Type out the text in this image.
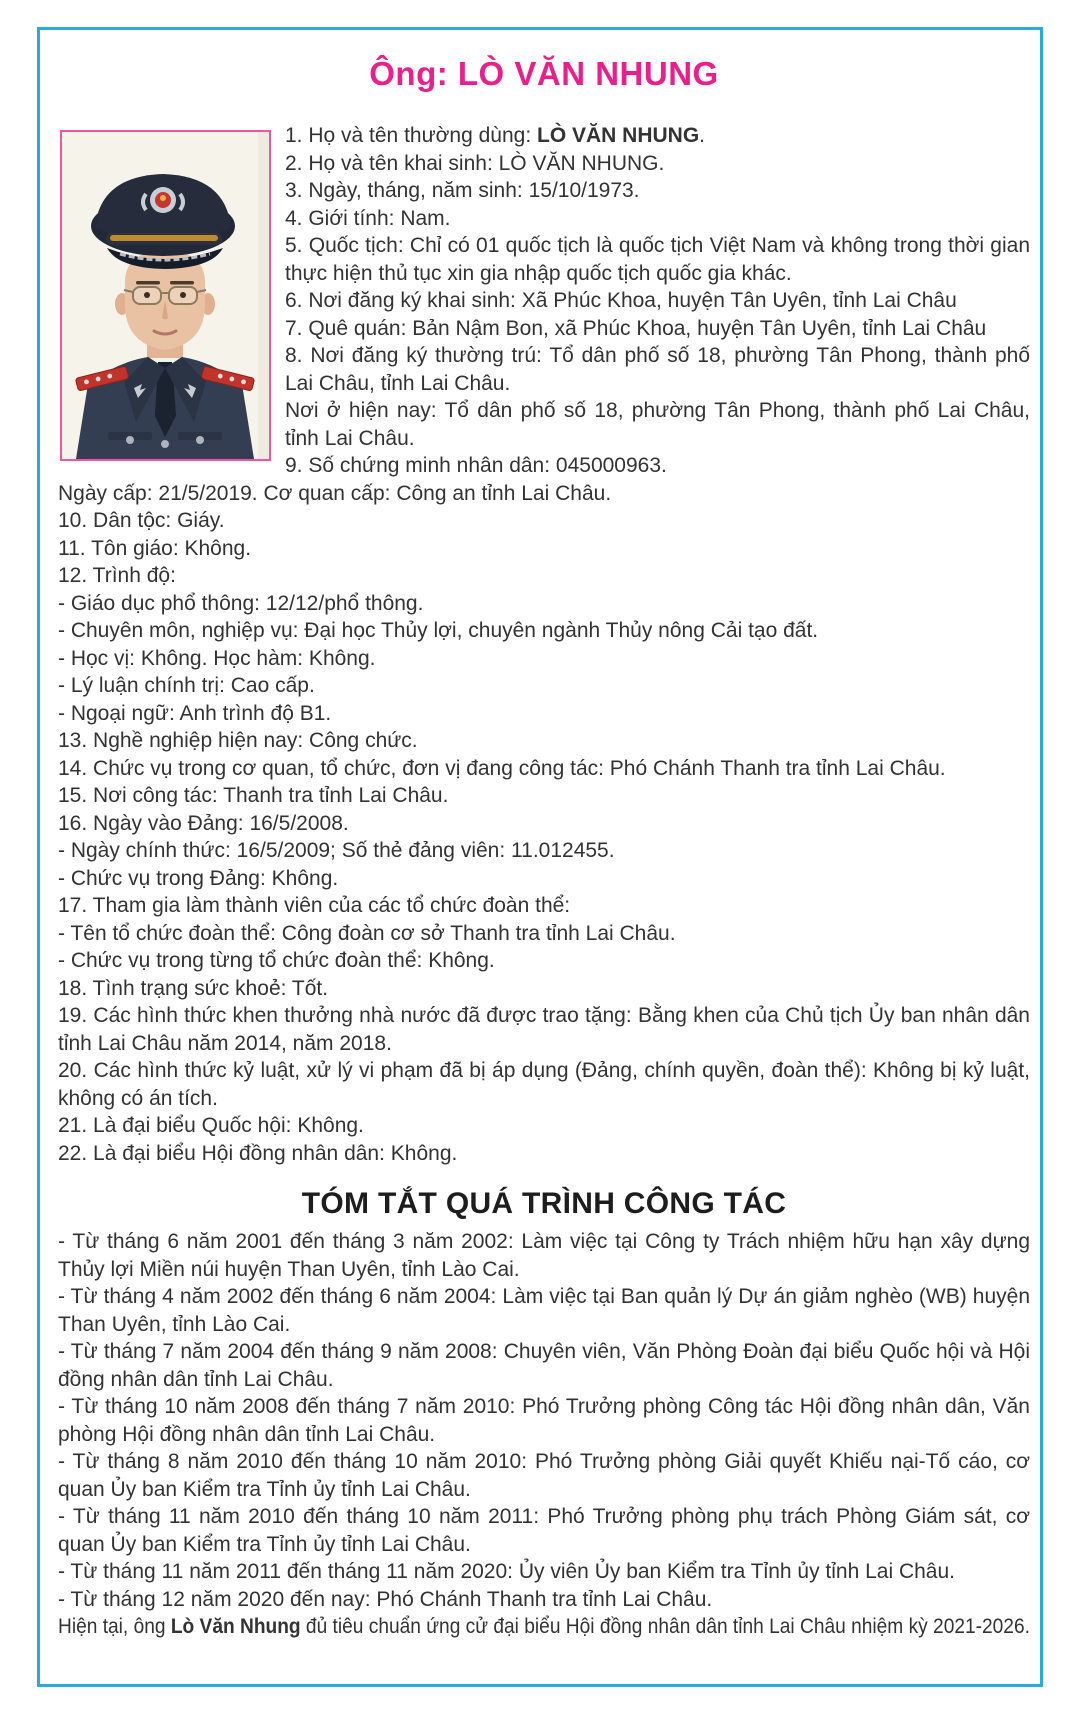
Ông: LÒ VĂN NHUNG

1. Họ và tên thường dùng: LÒ VĂN NHUNG.

2. Họ và tên khai sinh: LÒ VĂN NHUNG.

3. Ngày, tháng, năm sinh: 15/10/1973.

4. Giới tính: Nam.

5. Quốc tịch: Chỉ có 01 quốc tịch là quốc tịch Việt Nam và không trong thời gian thực hiện thủ tục xin gia nhập quốc tịch quốc gia khác.

6. Nơi đăng ký khai sinh: Xã Phúc Khoa, huyện Tân Uyên, tỉnh Lai Châu

7. Quê quán: Bản Nậm Bon, xã Phúc Khoa, huyện Tân Uyên, tỉnh Lai Châu

8. Nơi đăng ký thường trú: Tổ dân phố số 18, phường Tân Phong, thành phố Lai Châu, tỉnh Lai Châu.

Nơi ở hiện nay: Tổ dân phố số 18, phường Tân Phong, thành phố Lai Châu, tỉnh Lai Châu.

9. Số chứng minh nhân dân: 045000963.

Ngày cấp: 21/5/2019. Cơ quan cấp: Công an tỉnh Lai Châu.

10. Dân tộc: Giáy.

11. Tôn giáo: Không.

12. Trình độ:

- Giáo dục phổ thông: 12/12/phổ thông.

- Chuyên môn, nghiệp vụ: Đại học Thủy lợi, chuyên ngành Thủy nông Cải tạo đất.

- Học vị: Không. Học hàm: Không.

- Lý luận chính trị: Cao cấp.

- Ngoại ngữ: Anh trình độ B1.

13. Nghề nghiệp hiện nay: Công chức.

14. Chức vụ trong cơ quan, tổ chức, đơn vị đang công tác: Phó Chánh Thanh tra tỉnh Lai Châu.

15. Nơi công tác: Thanh tra tỉnh Lai Châu.

16. Ngày vào Đảng: 16/5/2008.

- Ngày chính thức: 16/5/2009; Số thẻ đảng viên: 11.012455.

- Chức vụ trong Đảng: Không.

17. Tham gia làm thành viên của các tổ chức đoàn thể:

- Tên tổ chức đoàn thể: Công đoàn cơ sở Thanh tra tỉnh Lai Châu.

- Chức vụ trong từng tổ chức đoàn thể: Không.

18. Tình trạng sức khoẻ: Tốt.

19. Các hình thức khen thưởng nhà nước đã được trao tặng: Bằng khen của Chủ tịch Ủy ban nhân dân tỉnh Lai Châu năm 2014, năm 2018.

20. Các hình thức kỷ luật, xử lý vi phạm đã bị áp dụng (Đảng, chính quyền, đoàn thể): Không bị kỷ luật, không có án tích.

21. Là đại biểu Quốc hội: Không.

22. Là đại biểu Hội đồng nhân dân: Không.

TÓM TẮT QUÁ TRÌNH CÔNG TÁC

- Từ tháng 6 năm 2001 đến tháng 3 năm 2002: Làm việc tại Công ty Trách nhiệm hữu hạn xây dựng Thủy lợi Miền núi huyện Than Uyên, tỉnh Lào Cai.

- Từ tháng 4 năm 2002 đến tháng 6 năm 2004: Làm việc tại Ban quản lý Dự án giảm nghèo (WB) huyện Than Uyên, tỉnh Lào Cai.

- Từ tháng 7 năm 2004 đến tháng 9 năm 2008: Chuyên viên, Văn Phòng Đoàn đại biểu Quốc hội và Hội đồng nhân dân tỉnh Lai Châu.

- Từ tháng 10 năm 2008 đến tháng 7 năm 2010: Phó Trưởng phòng Công tác Hội đồng nhân dân, Văn phòng Hội đồng nhân dân tỉnh Lai Châu.

- Từ tháng 8 năm 2010 đến tháng 10 năm 2010: Phó Trưởng phòng Giải quyết Khiếu nại-Tố cáo, cơ quan Ủy ban Kiểm tra Tỉnh ủy tỉnh Lai Châu.

- Từ tháng 11 năm 2010 đến tháng 10 năm 2011: Phó Trưởng phòng phụ trách Phòng Giám sát, cơ quan Ủy ban Kiểm tra Tỉnh ủy tỉnh Lai Châu.

- Từ tháng 11 năm 2011 đến tháng 11 năm 2020: Ủy viên Ủy ban Kiểm tra Tỉnh ủy tỉnh Lai Châu.

- Từ tháng 12 năm 2020 đến nay: Phó Chánh Thanh tra tỉnh Lai Châu.

Hiện tại, ông Lò Văn Nhung đủ tiêu chuẩn ứng cử đại biểu Hội đồng nhân dân tỉnh Lai Châu nhiệm kỳ 2021-2026.
